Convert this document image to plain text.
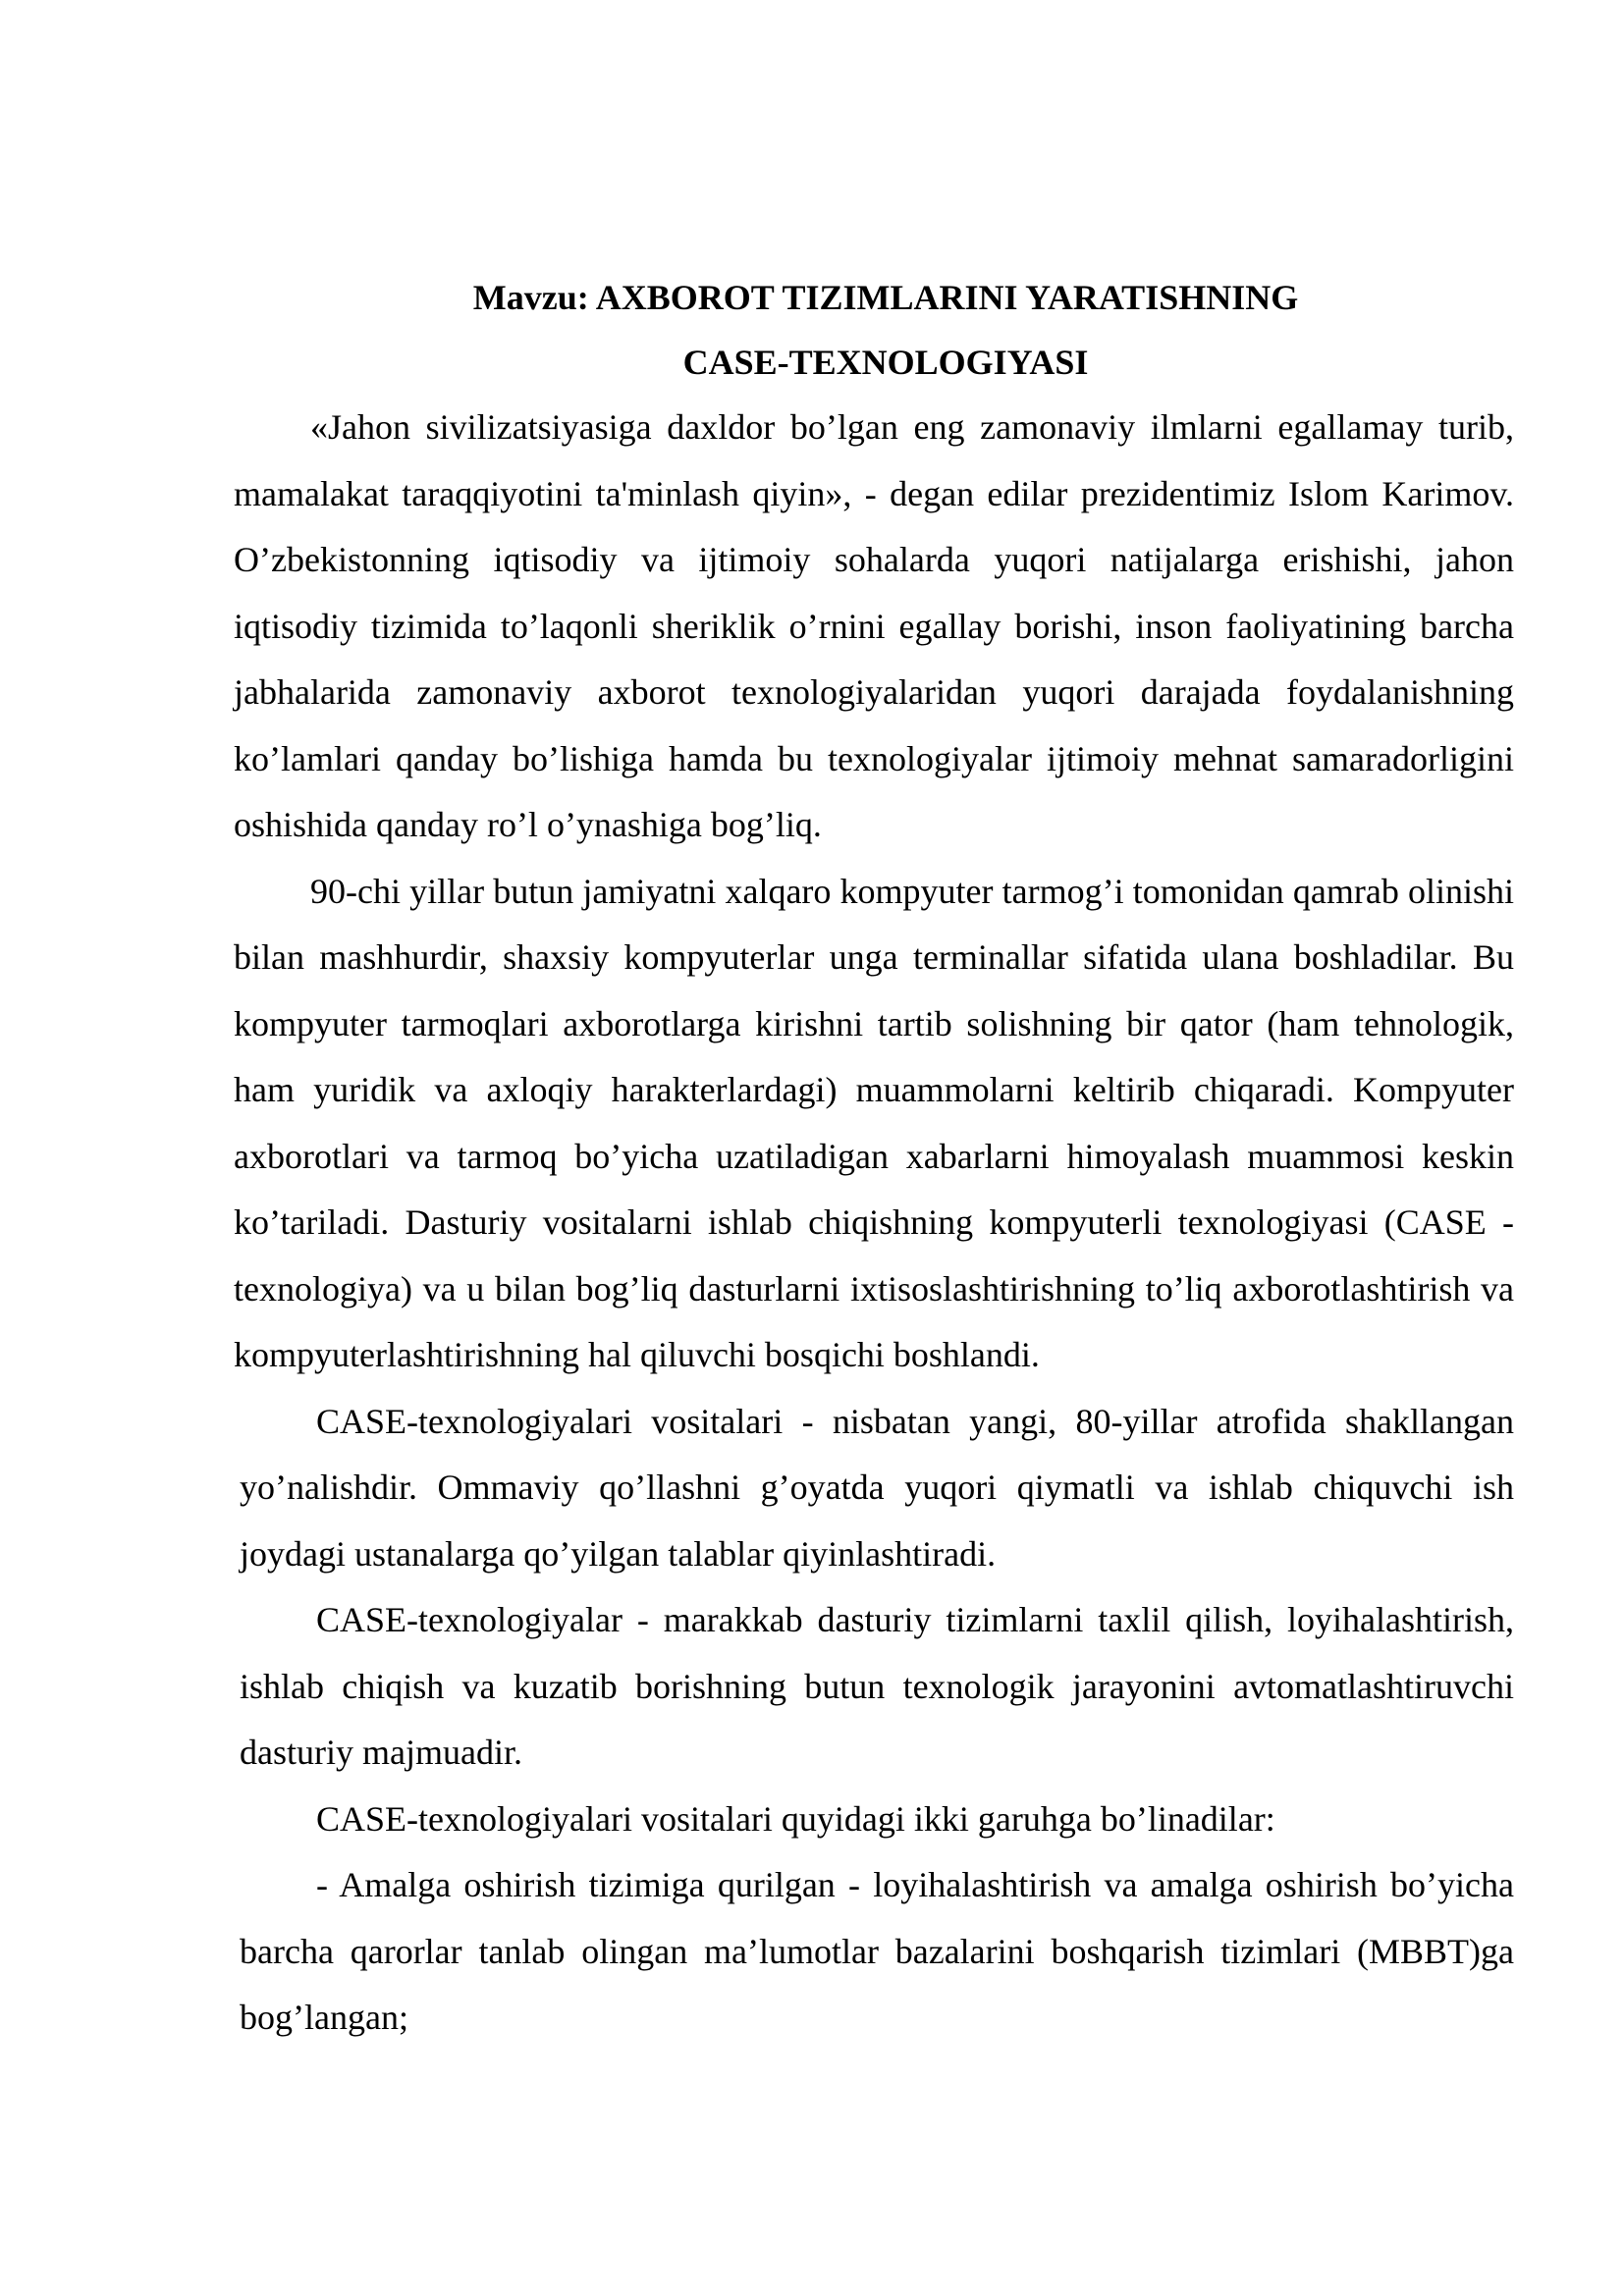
Mavzu: AXBOROT TIZIMLARINI YARATISHNING

CASE-TEXNOLOGIYASI

«Jahon sivilizatsiyasiga daxldor bo’lgan eng zamonaviy ilmlarni egallamay turib, mamalakat taraqqiyotini ta'minlash qiyin», - degan edilar prezidentimiz Islom Karimov. O’zbekistonning iqtisodiy va ijtimoiy sohalarda yuqori natijalarga erishishi, jahon iqtisodiy tizimida to’laqonli sheriklik o’rnini egallay borishi, inson faoliyatining barcha jabhalarida zamonaviy axborot texnologiyalaridan yuqori darajada foydalanishning ko’lamlari qanday bo’lishiga hamda bu texnologiyalar ijtimoiy mehnat samaradorligini oshishida qanday ro’l o’ynashiga bog’liq.

90-chi yillar butun jamiyatni xalqaro kompyuter tarmog’i tomonidan qamrab olinishi bilan mashhurdir, shaxsiy kompyuterlar unga terminallar sifatida ulana boshladilar. Bu kompyuter tarmoqlari axborotlarga kirishni tartib solishning bir qator (ham tehnologik, ham yuridik va axloqiy harakterlardagi) muammolarni keltirib chiqaradi. Kompyuter axborotlari va tarmoq bo’yicha uzatiladigan xabarlarni himoyalash muammosi keskin ko’tariladi. Dasturiy vositalarni ishlab chiqishning kompyuterli texnologiyasi (CASE - texnologiya) va u bilan bog’liq dasturlarni ixtisoslashtirishning to’liq axborotlashtirish va kompyuterlashtirishning hal qiluvchi bosqichi boshlandi.

CASE-texnologiyalari vositalari - nisbatan yangi, 80-yillar atrofida shakllangan yo’nalishdir. Ommaviy qo’llashni g’oyatda yuqori qiymatli va ishlab chiquvchi ish joydagi ustanalarga qo’yilgan talablar qiyinlashtiradi.

CASE-texnologiyalar - marakkab dasturiy tizimlarni taxlil qilish, loyihalashtirish, ishlab chiqish va kuzatib borishning butun texnologik jarayonini avtomatlashtiruvchi dasturiy majmuadir.

CASE-texnologiyalari vositalari quyidagi ikki garuhga bo’linadilar:

- Amalga oshirish tizimiga qurilgan - loyihalashtirish va amalga oshirish bo’yicha barcha qarorlar tanlab olingan ma’lumotlar bazalarini boshqarish tizimlari (MBBT)ga bog’langan;
